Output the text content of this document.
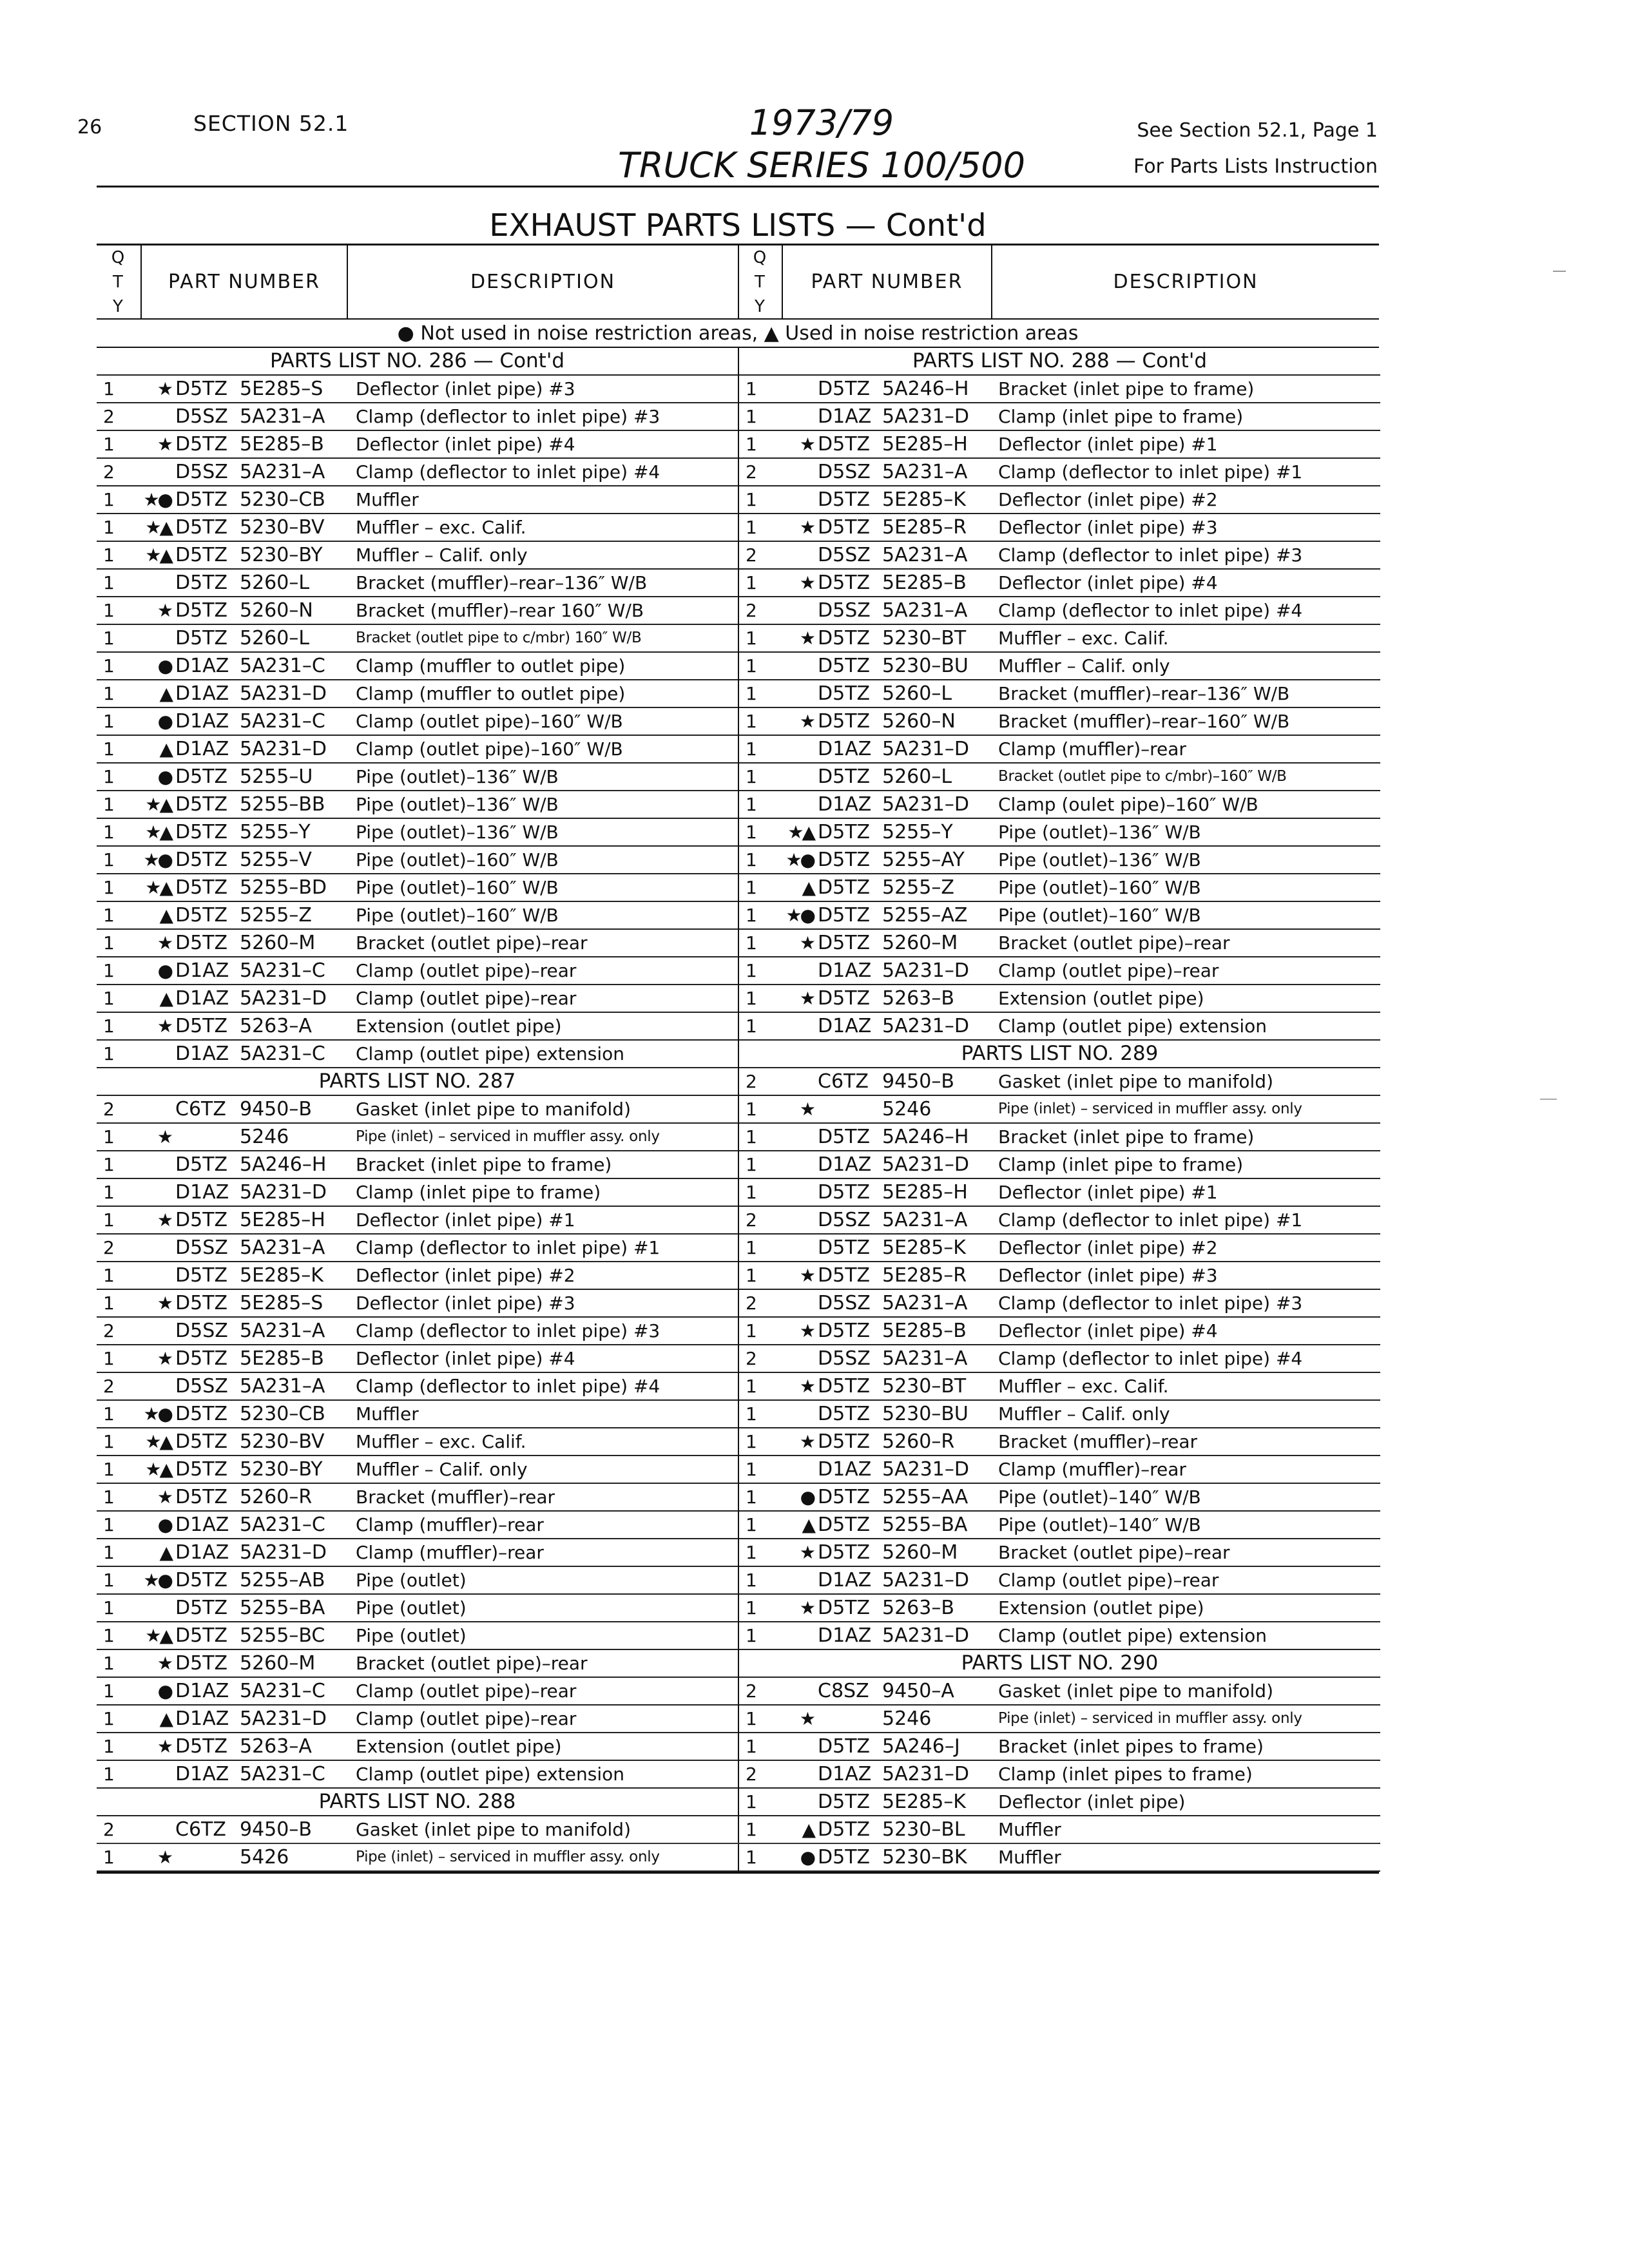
26	SECTION 52.1	1973/79
TRUCK SERIES 100/500
See Section 52.1, Page 1
For Parts Lists Instruction
EXHAUST PARTS LISTS — Cont'd
Q
T
Y
PART NUMBER	DESCRIPTION
Q
T
Y
PART NUMBER	DESCRIPTION
● Not used in noise restriction areas, ▲ Used in noise restriction areas
PARTS LIST NO. 286 — Cont'd
1	★ D5TZ 5E285–S Deflector (inlet pipe) #3
2	D5SZ 5A231–A Clamp (deflector to inlet pipe) #3
1	★ D5TZ 5E285–B Deflector (inlet pipe) #4
2	D5SZ 5A231–A Clamp (deflector to inlet pipe) #4
1	★● D5TZ 5230–CB Muffler
1	★▲ D5TZ 5230–BV Muffler – exc. Calif.
1	★▲ D5TZ 5230–BY Muffler – Calif. only
1	D5TZ 5260–L	Bracket (muffler)–rear–136″ W/B
1	★ D5TZ 5260–N Bracket (muffler)–rear 160″ W/B
1	D5TZ 5260–L	Bracket (outlet pipe to c/mbr) 160″ W/B
1	● D1AZ 5A231–C Clamp (muffler to outlet pipe)
1	▲ D1AZ 5A231–D Clamp (muffler to outlet pipe)
1	● D1AZ 5A231–C Clamp (outlet pipe)–160″ W/B
1	▲ D1AZ 5A231–D Clamp (outlet pipe)–160″ W/B
1	● D5TZ 5255–U Pipe (outlet)–136″ W/B
1	★▲ D5TZ 5255–BB Pipe (outlet)–136″ W/B
1	★▲ D5TZ 5255–Y	Pipe (outlet)–136″ W/B
1	★● D5TZ 5255–V Pipe (outlet)–160″ W/B
1	★▲ D5TZ 5255–BD Pipe (outlet)–160″ W/B
1	▲ D5TZ 5255–Z Pipe (outlet)–160″ W/B
1	★ D5TZ 5260–M Bracket (outlet pipe)–rear
1	● D1AZ 5A231–C Clamp (outlet pipe)–rear
1	▲ D1AZ 5A231–D Clamp (outlet pipe)–rear
1	★ D5TZ 5263–A Extension (outlet pipe)
1	D1AZ 5A231–C Clamp (outlet pipe) extension
PARTS LIST NO. 287
2	C6TZ 9450–B Gasket (inlet pipe to manifold)
1	★	5246	Pipe (inlet) – serviced in muffler assy. only
1	D5TZ 5A246–H Bracket (inlet pipe to frame)
1	D1AZ 5A231–D Clamp (inlet pipe to frame)
1	★ D5TZ 5E285–H Deflector (inlet pipe) #1
2	D5SZ 5A231–A Clamp (deflector to inlet pipe) #1
1	D5TZ 5E285–K Deflector (inlet pipe) #2
1	★ D5TZ 5E285–S Deflector (inlet pipe) #3
2	D5SZ 5A231–A Clamp (deflector to inlet pipe) #3
1	★ D5TZ 5E285–B Deflector (inlet pipe) #4
2	D5SZ 5A231–A Clamp (deflector to inlet pipe) #4
1	★● D5TZ 5230–CB Muffler
1	★▲ D5TZ 5230–BV Muffler – exc. Calif.
1	★▲ D5TZ 5230–BY Muffler – Calif. only
1	★ D5TZ 5260–R Bracket (muffler)–rear
1	● D1AZ 5A231–C Clamp (muffler)–rear
1	▲ D1AZ 5A231–D Clamp (muffler)–rear
1	★● D5TZ 5255–AB Pipe (outlet)
1	D5TZ 5255–BA Pipe (outlet)
1	★▲ D5TZ 5255–BC Pipe (outlet)
1	★ D5TZ 5260–M Bracket (outlet pipe)–rear
1	● D1AZ 5A231–C Clamp (outlet pipe)–rear
1	▲ D1AZ 5A231–D Clamp (outlet pipe)–rear
1	★ D5TZ 5263–A Extension (outlet pipe)
1	D1AZ 5A231–C Clamp (outlet pipe) extension
PARTS LIST NO. 288
2	C6TZ 9450–B Gasket (inlet pipe to manifold)
1	★	5426	Pipe (inlet) – serviced in muffler assy. only
PARTS LIST NO. 288 — Cont'd
1	D5TZ 5A246–H Bracket (inlet pipe to frame)
1	D1AZ 5A231–D Clamp (inlet pipe to frame)
1	★ D5TZ 5E285–H Deflector (inlet pipe) #1
2	D5SZ 5A231–A Clamp (deflector to inlet pipe) #1
1	D5TZ 5E285–K Deflector (inlet pipe) #2
1	★ D5TZ 5E285–R Deflector (inlet pipe) #3
2	D5SZ 5A231–A Clamp (deflector to inlet pipe) #3
1	★ D5TZ 5E285–B Deflector (inlet pipe) #4
2	D5SZ 5A231–A Clamp (deflector to inlet pipe) #4
1	★ D5TZ 5230–BT Muffler – exc. Calif.
1	D5TZ 5230–BU Muffler – Calif. only
1	D5TZ 5260–L	Bracket (muffler)–rear–136″ W/B
1	★ D5TZ 5260–N Bracket (muffler)–rear–160″ W/B
1	D1AZ 5A231–D Clamp (muffler)–rear
1	D5TZ 5260–L	Bracket (outlet pipe to c/mbr)–160″ W/B
1	D1AZ 5A231–D Clamp (oulet pipe)–160″ W/B
1	★▲ D5TZ 5255–Y	Pipe (outlet)–136″ W/B
1	★● D5TZ 5255–AY Pipe (outlet)–136″ W/B
1	▲ D5TZ 5255–Z Pipe (outlet)–160″ W/B
1	★● D5TZ 5255–AZ Pipe (outlet)–160″ W/B
1	★ D5TZ 5260–M Bracket (outlet pipe)–rear
1	D1AZ 5A231–D Clamp (outlet pipe)–rear
1	★ D5TZ 5263–B Extension (outlet pipe)
1	D1AZ 5A231–D Clamp (outlet pipe) extension
PARTS LIST NO. 289
2	C6TZ 9450–B Gasket (inlet pipe to manifold)
1	★	5246	Pipe (inlet) – serviced in muffler assy. only
1	D5TZ 5A246–H Bracket (inlet pipe to frame)
1	D1AZ 5A231–D Clamp (inlet pipe to frame)
1	D5TZ 5E285–H Deflector (inlet pipe) #1
2	D5SZ 5A231–A Clamp (deflector to inlet pipe) #1
1	D5TZ 5E285–K Deflector (inlet pipe) #2
1	★ D5TZ 5E285–R Deflector (inlet pipe) #3
2	D5SZ 5A231–A Clamp (deflector to inlet pipe) #3
1	★ D5TZ 5E285–B Deflector (inlet pipe) #4
2	D5SZ 5A231–A Clamp (deflector to inlet pipe) #4
1	★ D5TZ 5230–BT Muffler – exc. Calif.
1	D5TZ 5230–BU Muffler – Calif. only
1	★ D5TZ 5260–R Bracket (muffler)–rear
1	D1AZ 5A231–D Clamp (muffler)–rear
1	● D5TZ 5255–AA Pipe (outlet)–140″ W/B
1	▲ D5TZ 5255–BA Pipe (outlet)–140″ W/B
1	★ D5TZ 5260–M Bracket (outlet pipe)–rear
1	D1AZ 5A231–D Clamp (outlet pipe)–rear
1	★ D5TZ 5263–B Extension (outlet pipe)
1	D1AZ 5A231–D Clamp (outlet pipe) extension
PARTS LIST NO. 290
2	C8SZ 9450–A Gasket (inlet pipe to manifold)
1	★	5246	Pipe (inlet) – serviced in muffler assy. only
1	D5TZ 5A246–J Bracket (inlet pipes to frame)
2	D1AZ 5A231–D Clamp (inlet pipes to frame)
1	D5TZ 5E285–K Deflector (inlet pipe)
1	▲ D5TZ 5230–BL Muffler
1	● D5TZ 5230–BK Muffler
